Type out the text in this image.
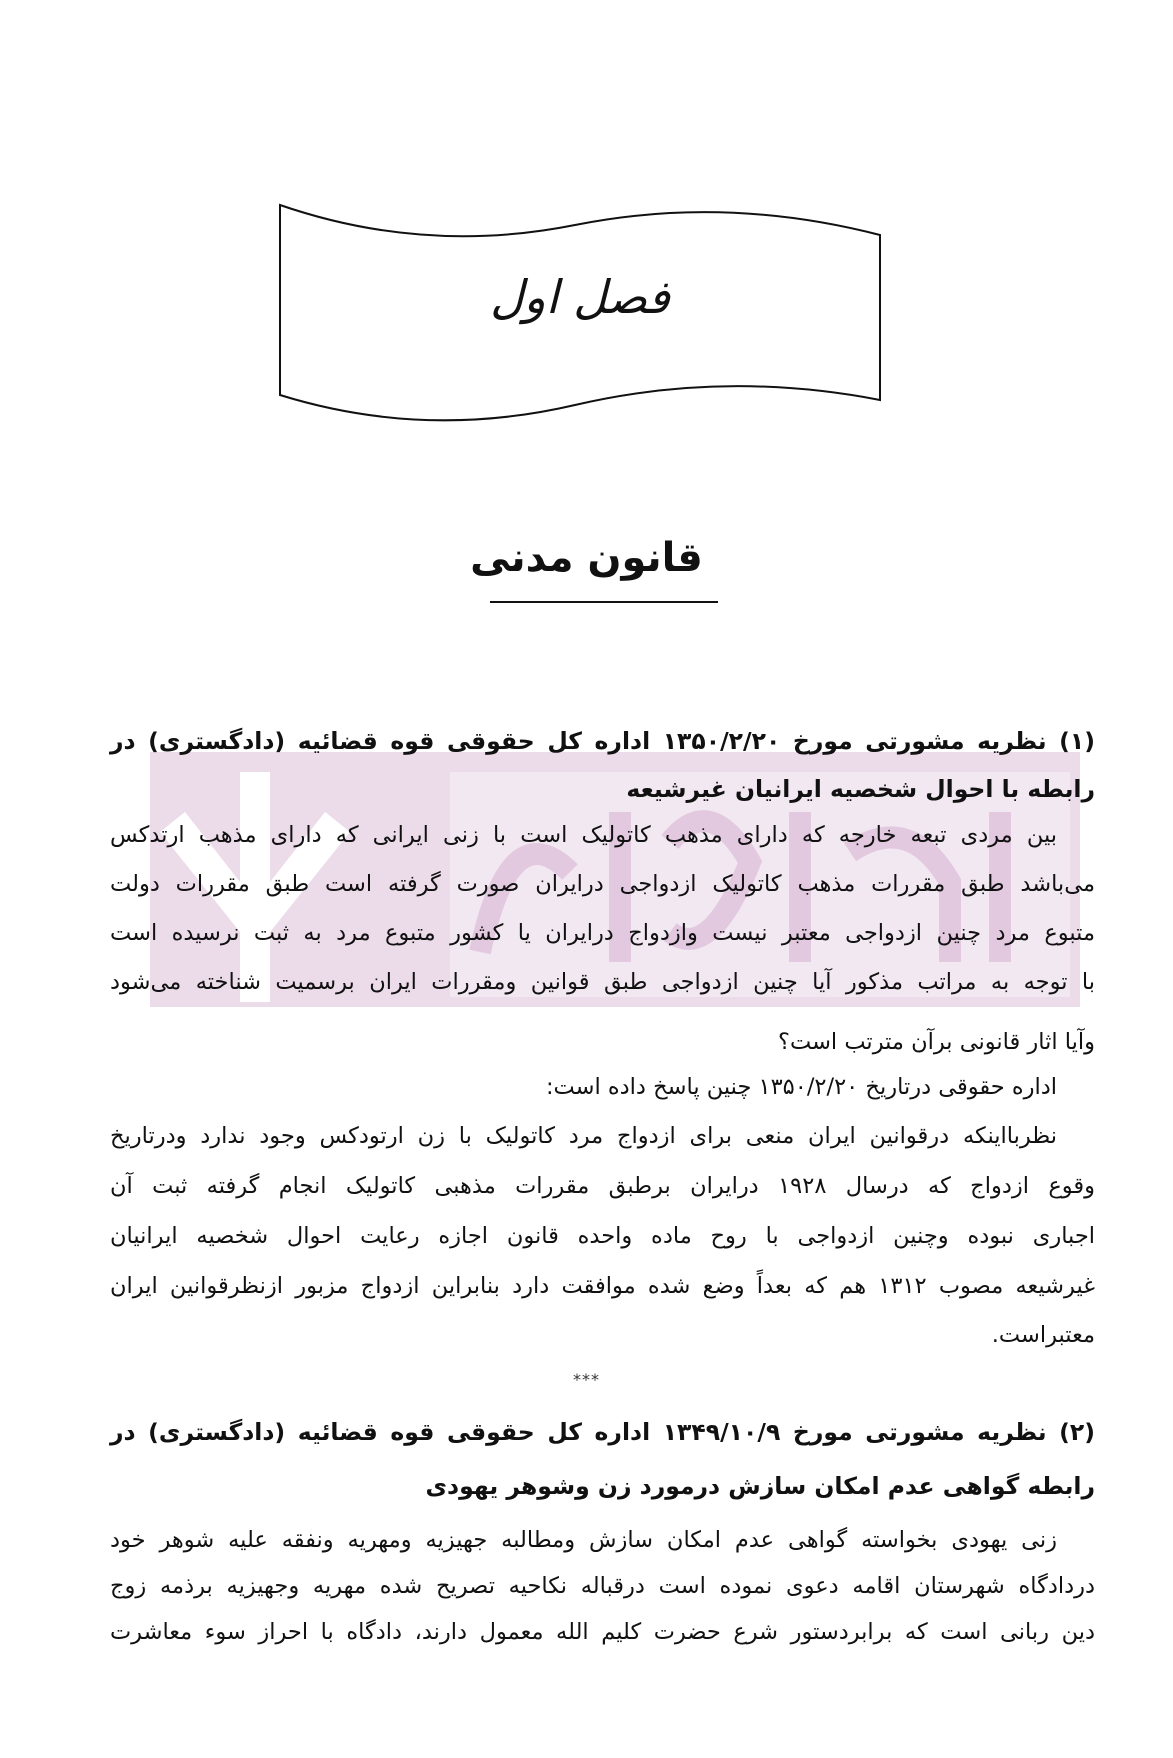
فصل اول
قانون مدنی
(۱) نظریه مشورتی مورخ ۱۳۵۰/۲/۲۰ اداره کل حقوقی قوه قضائیه (دادگستری) در
رابطه با احوال شخصیه ایرانیان غیرشیعه
بین مردی تبعه خارجه که دارای مذهب کاتولیک است با زنی ایرانی که دارای مذهب ارتدکس
می‌باشد طبق مقررات مذهب کاتولیک ازدواجی درایران صورت گرفته است طبق مقررات دولت
متبوع مرد چنین ازدواجی معتبر نیست وازدواج درایران یا کشور متبوع مرد به ثبت نرسیده است
با توجه به مراتب مذکور آیا چنین ازدواجی طبق قوانین ومقررات ایران برسمیت شناخته می‌شود
وآیا اثار قانونی برآن مترتب است؟
اداره حقوقی درتاریخ ۱۳۵۰/۲/۲۰ چنین پاسخ داده است:
نظربااینکه درقوانین ایران منعی برای ازدواج مرد کاتولیک با زن ارتودکس وجود ندارد ودرتاریخ
وقوع ازدواج که درسال ۱۹۲۸ درایران برطبق مقررات مذهبی کاتولیک انجام گرفته ثبت آن
اجباری نبوده وچنین ازدواجی با روح ماده واحده قانون اجازه رعایت احوال شخصیه ایرانیان
غیرشیعه مصوب ۱۳۱۲ هم که بعداً وضع شده موافقت دارد بنابراین ازدواج مزبور ازنظرقوانین ایران
معتبراست.
***
(۲) نظریه مشورتی مورخ ۱۳۴۹/۱۰/۹ اداره کل حقوقی قوه قضائیه (دادگستری) در
رابطه گواهی عدم امکان سازش درمورد زن وشوهر یهودی
زنی یهودی بخواسته گواهی عدم امکان سازش ومطالبه جهیزیه ومهریه ونفقه علیه شوهر خود
دردادگاه شهرستان اقامه دعوی نموده است درقباله نکاحیه تصریح شده مهریه وجهیزیه برذمه زوج
دین ربانی است که برابردستور شرع حضرت کلیم الله معمول دارند، دادگاه با احراز سوء معاشرت
